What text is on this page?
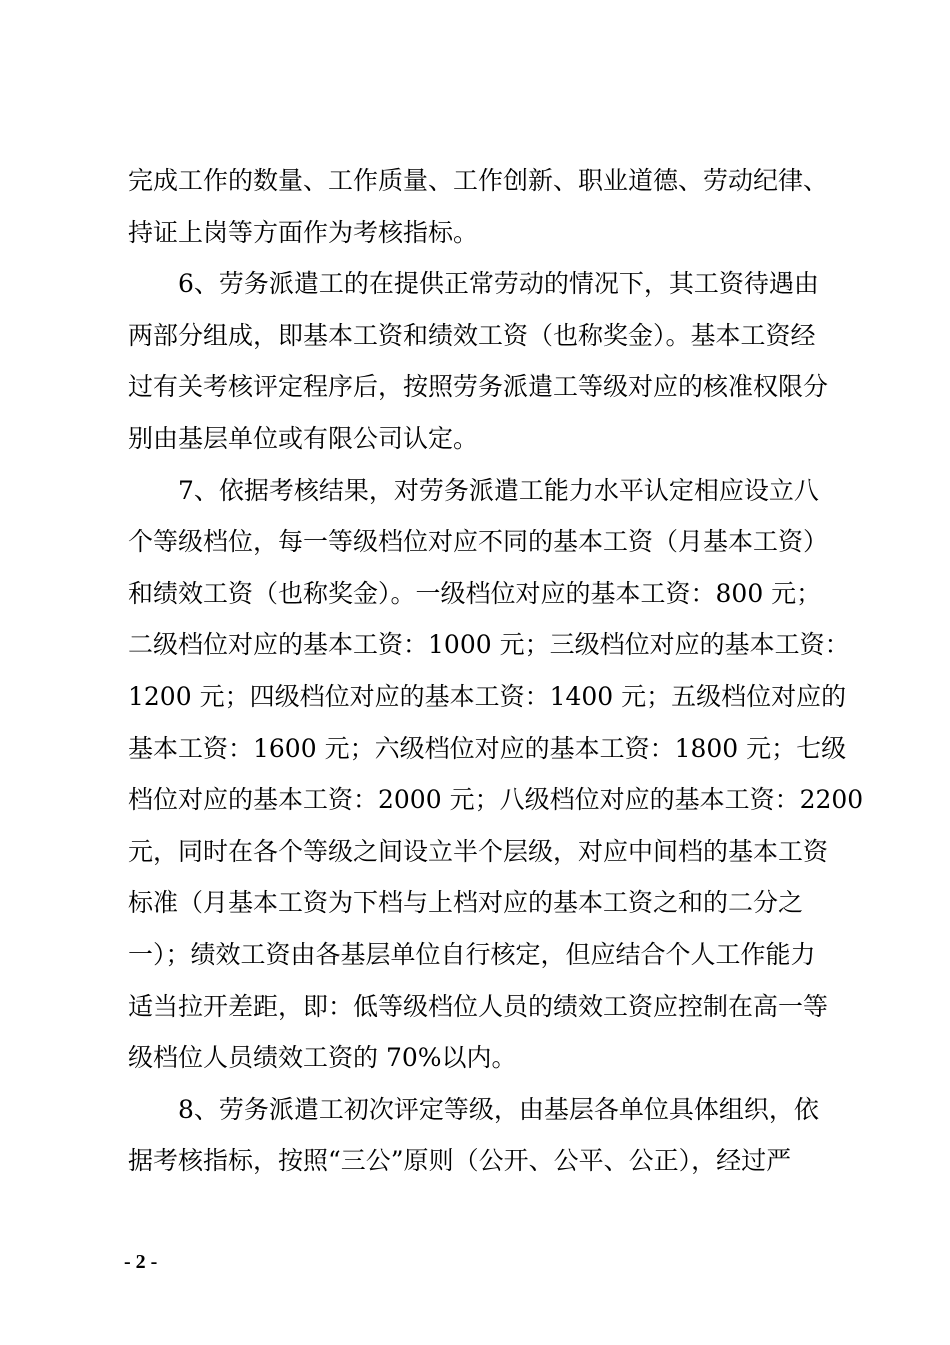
完成工作的数量、工作质量、工作创新、职业道德、劳动纪律、
持证上岗等方面作为考核指标。
　　6、劳务派遣工的在提供正常劳动的情况下，其工资待遇由
两部分组成，即基本工资和绩效工资（也称奖金）。基本工资经
过有关考核评定程序后，按照劳务派遣工等级对应的核准权限分
别由基层单位或有限公司认定。
　　7、依据考核结果，对劳务派遣工能力水平认定相应设立八
个等级档位，每一等级档位对应不同的基本工资（月基本工资）
和绩效工资（也称奖金）。一级档位对应的基本工资：800 元；
二级档位对应的基本工资：1000 元；三级档位对应的基本工资：
1200 元；四级档位对应的基本工资：1400 元；五级档位对应的
基本工资：1600 元；六级档位对应的基本工资：1800 元；七级
档位对应的基本工资：2000 元；八级档位对应的基本工资：2200
元，同时在各个等级之间设立半个层级，对应中间档的基本工资
标准（月基本工资为下档与上档对应的基本工资之和的二分之
一）；绩效工资由各基层单位自行核定，但应结合个人工作能力
适当拉开差距，即：低等级档位人员的绩效工资应控制在高一等
级档位人员绩效工资的 70%以内。
　　8、劳务派遣工初次评定等级，由基层各单位具体组织，依
据考核指标，按照“三公”原则（公开、公平、公正），经过严
- 2 -
